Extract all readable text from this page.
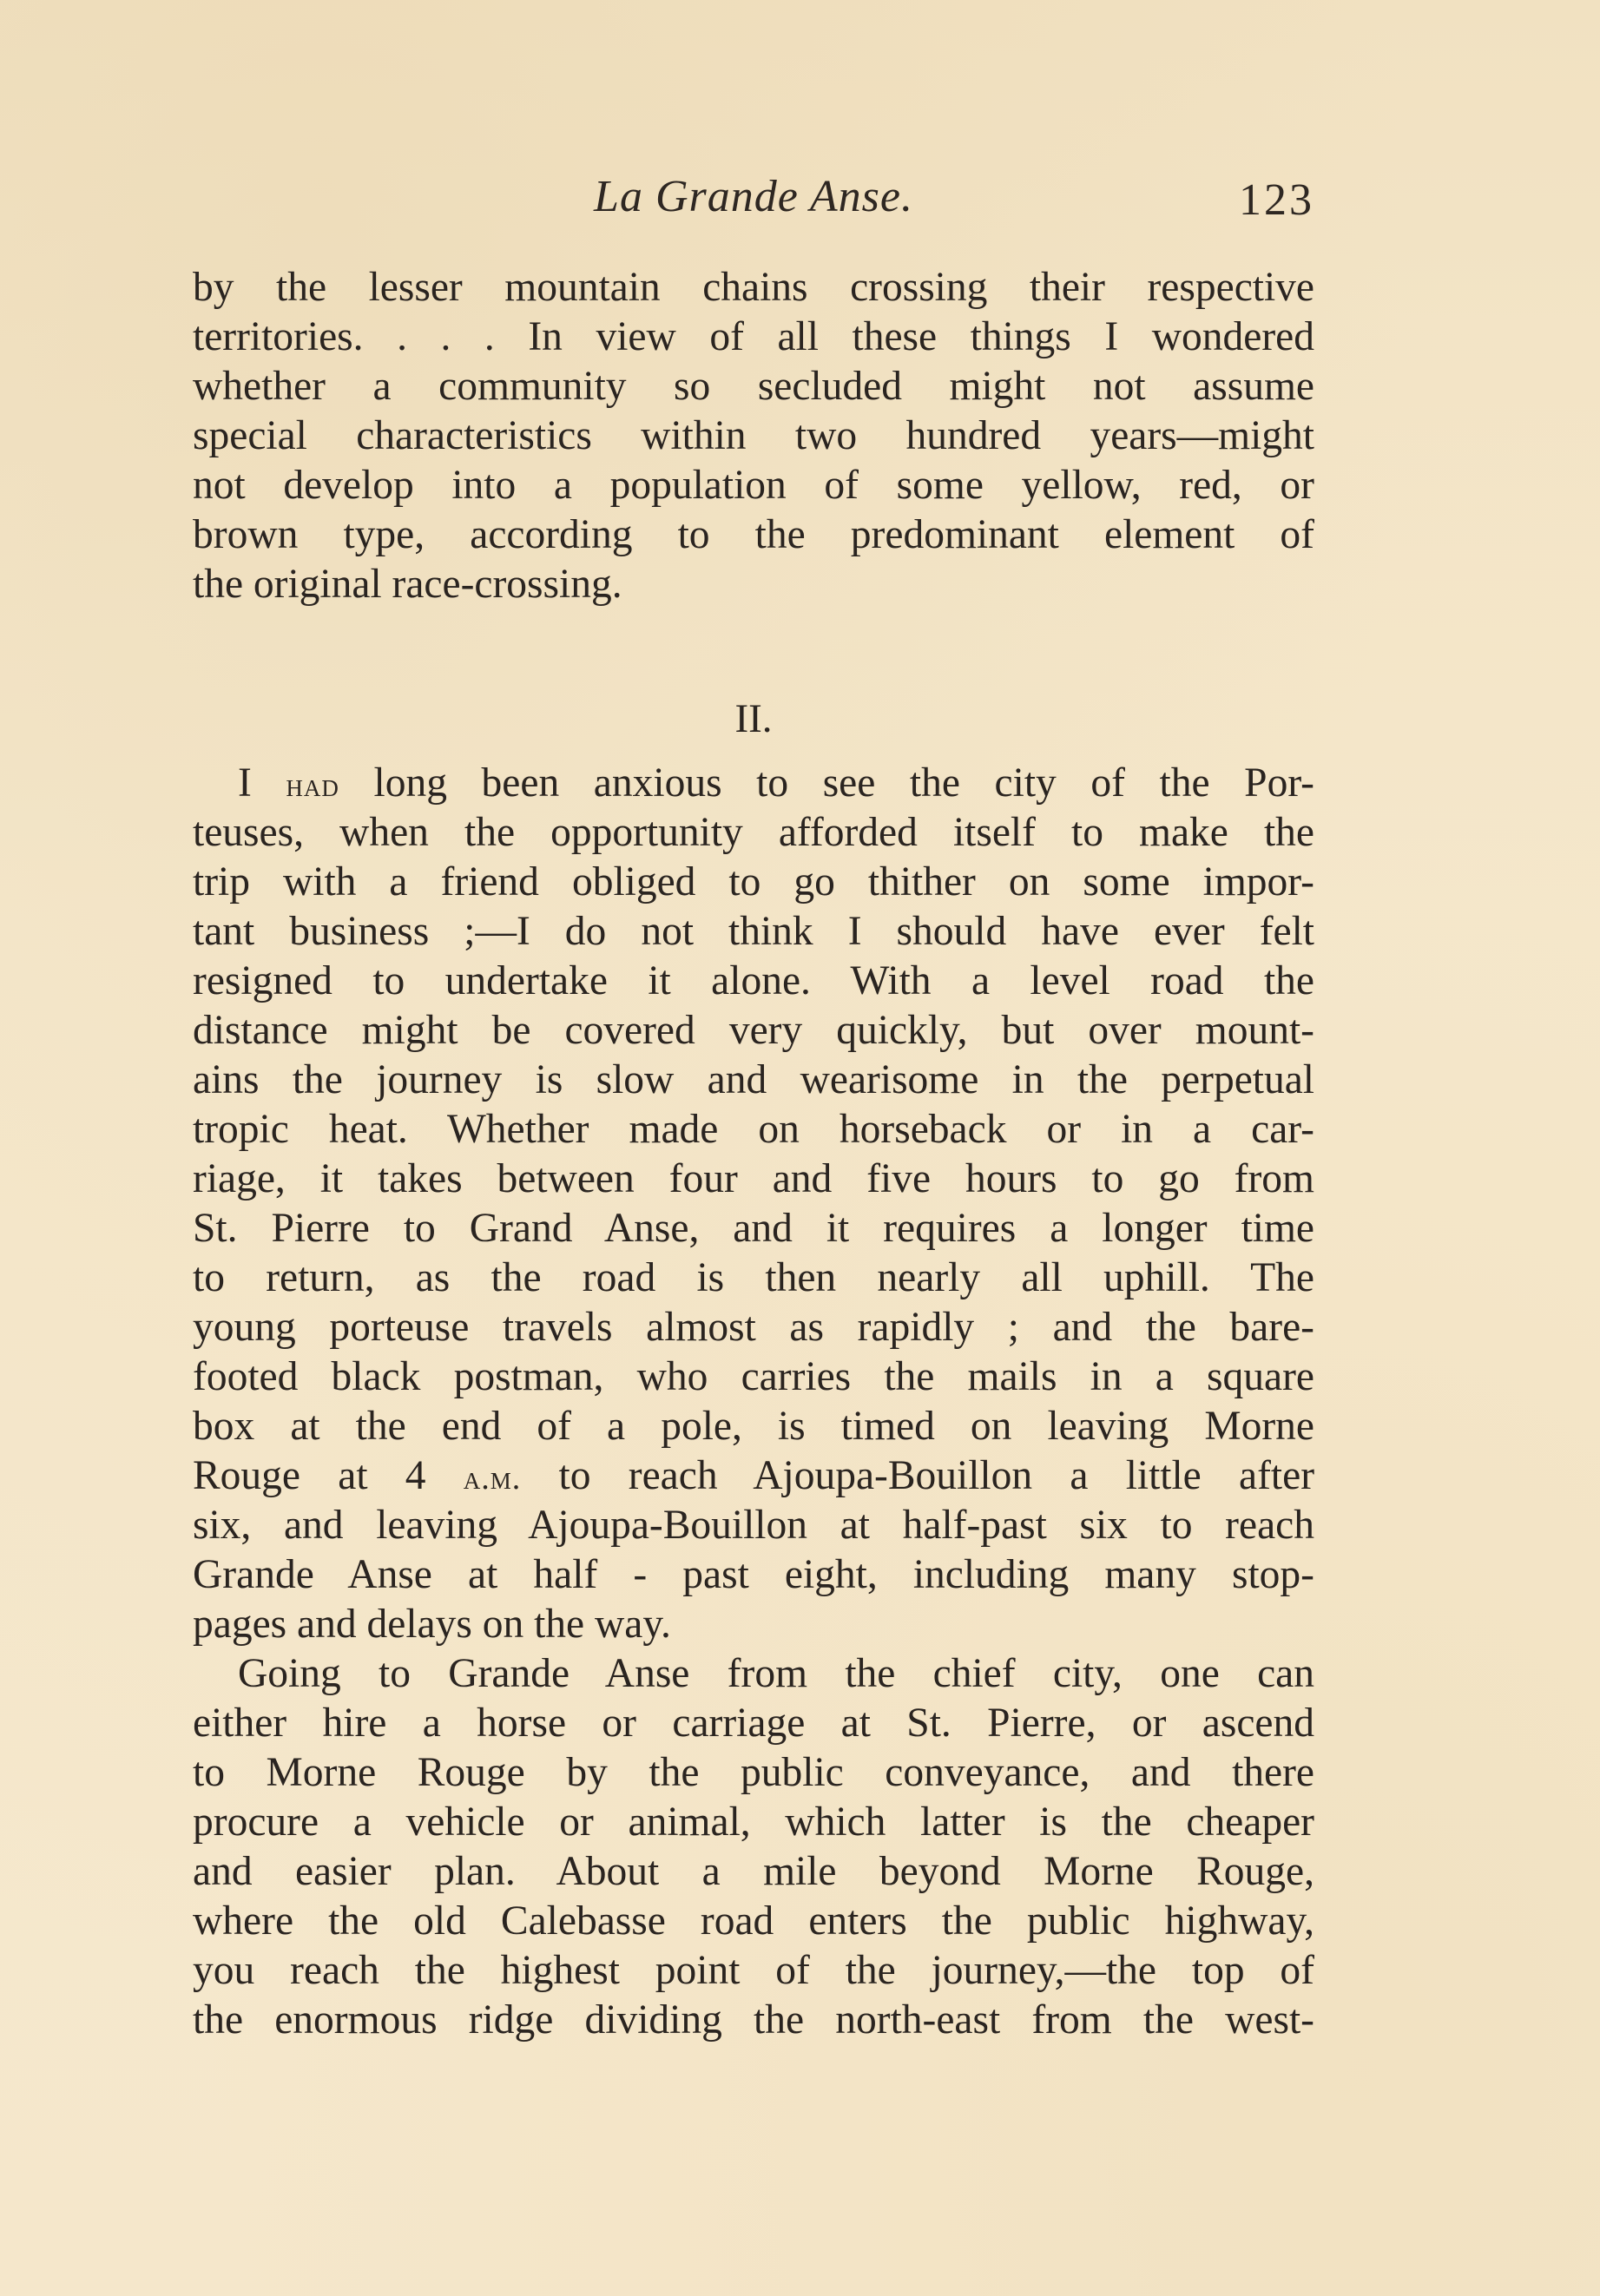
La Grande Anse.	123
by the lesser mountain chains crossing their respective
territories. . . . In view of all these things I wondered
whether a community so secluded might not assume
special characteristics within two hundred years—might
not develop into a population of some yellow, red, or
brown type, according to the predominant element of
the original race-crossing.
II.
I had long been anxious to see the city of the Por-
teuses, when the opportunity afforded itself to make the
trip with a friend obliged to go thither on some impor-
tant business ;—I do not think I should have ever felt
resigned to undertake it alone. With a level road the
distance might be covered very quickly, but over mount-
ains the journey is slow and wearisome in the perpetual
tropic heat. Whether made on horseback or in a car-
riage, it takes between four and five hours to go from
St. Pierre to Grand Anse, and it requires a longer time
to return, as the road is then nearly all uphill. The
young porteuse travels almost as rapidly ; and the bare-
footed black postman, who carries the mails in a square
box at the end of a pole, is timed on leaving Morne
Rouge at 4 a.m. to reach Ajoupa-Bouillon a little after
six, and leaving Ajoupa-Bouillon at half-past six to reach
Grande Anse at half - past eight, including many stop-
pages and delays on the way.
Going to Grande Anse from the chief city, one can
either hire a horse or carriage at St. Pierre, or ascend
to Morne Rouge by the public conveyance, and there
procure a vehicle or animal, which latter is the cheaper
and easier plan. About a mile beyond Morne Rouge,
where the old Calebasse road enters the public highway,
you reach the highest point of the journey,—the top of
the enormous ridge dividing the north-east from the west-
